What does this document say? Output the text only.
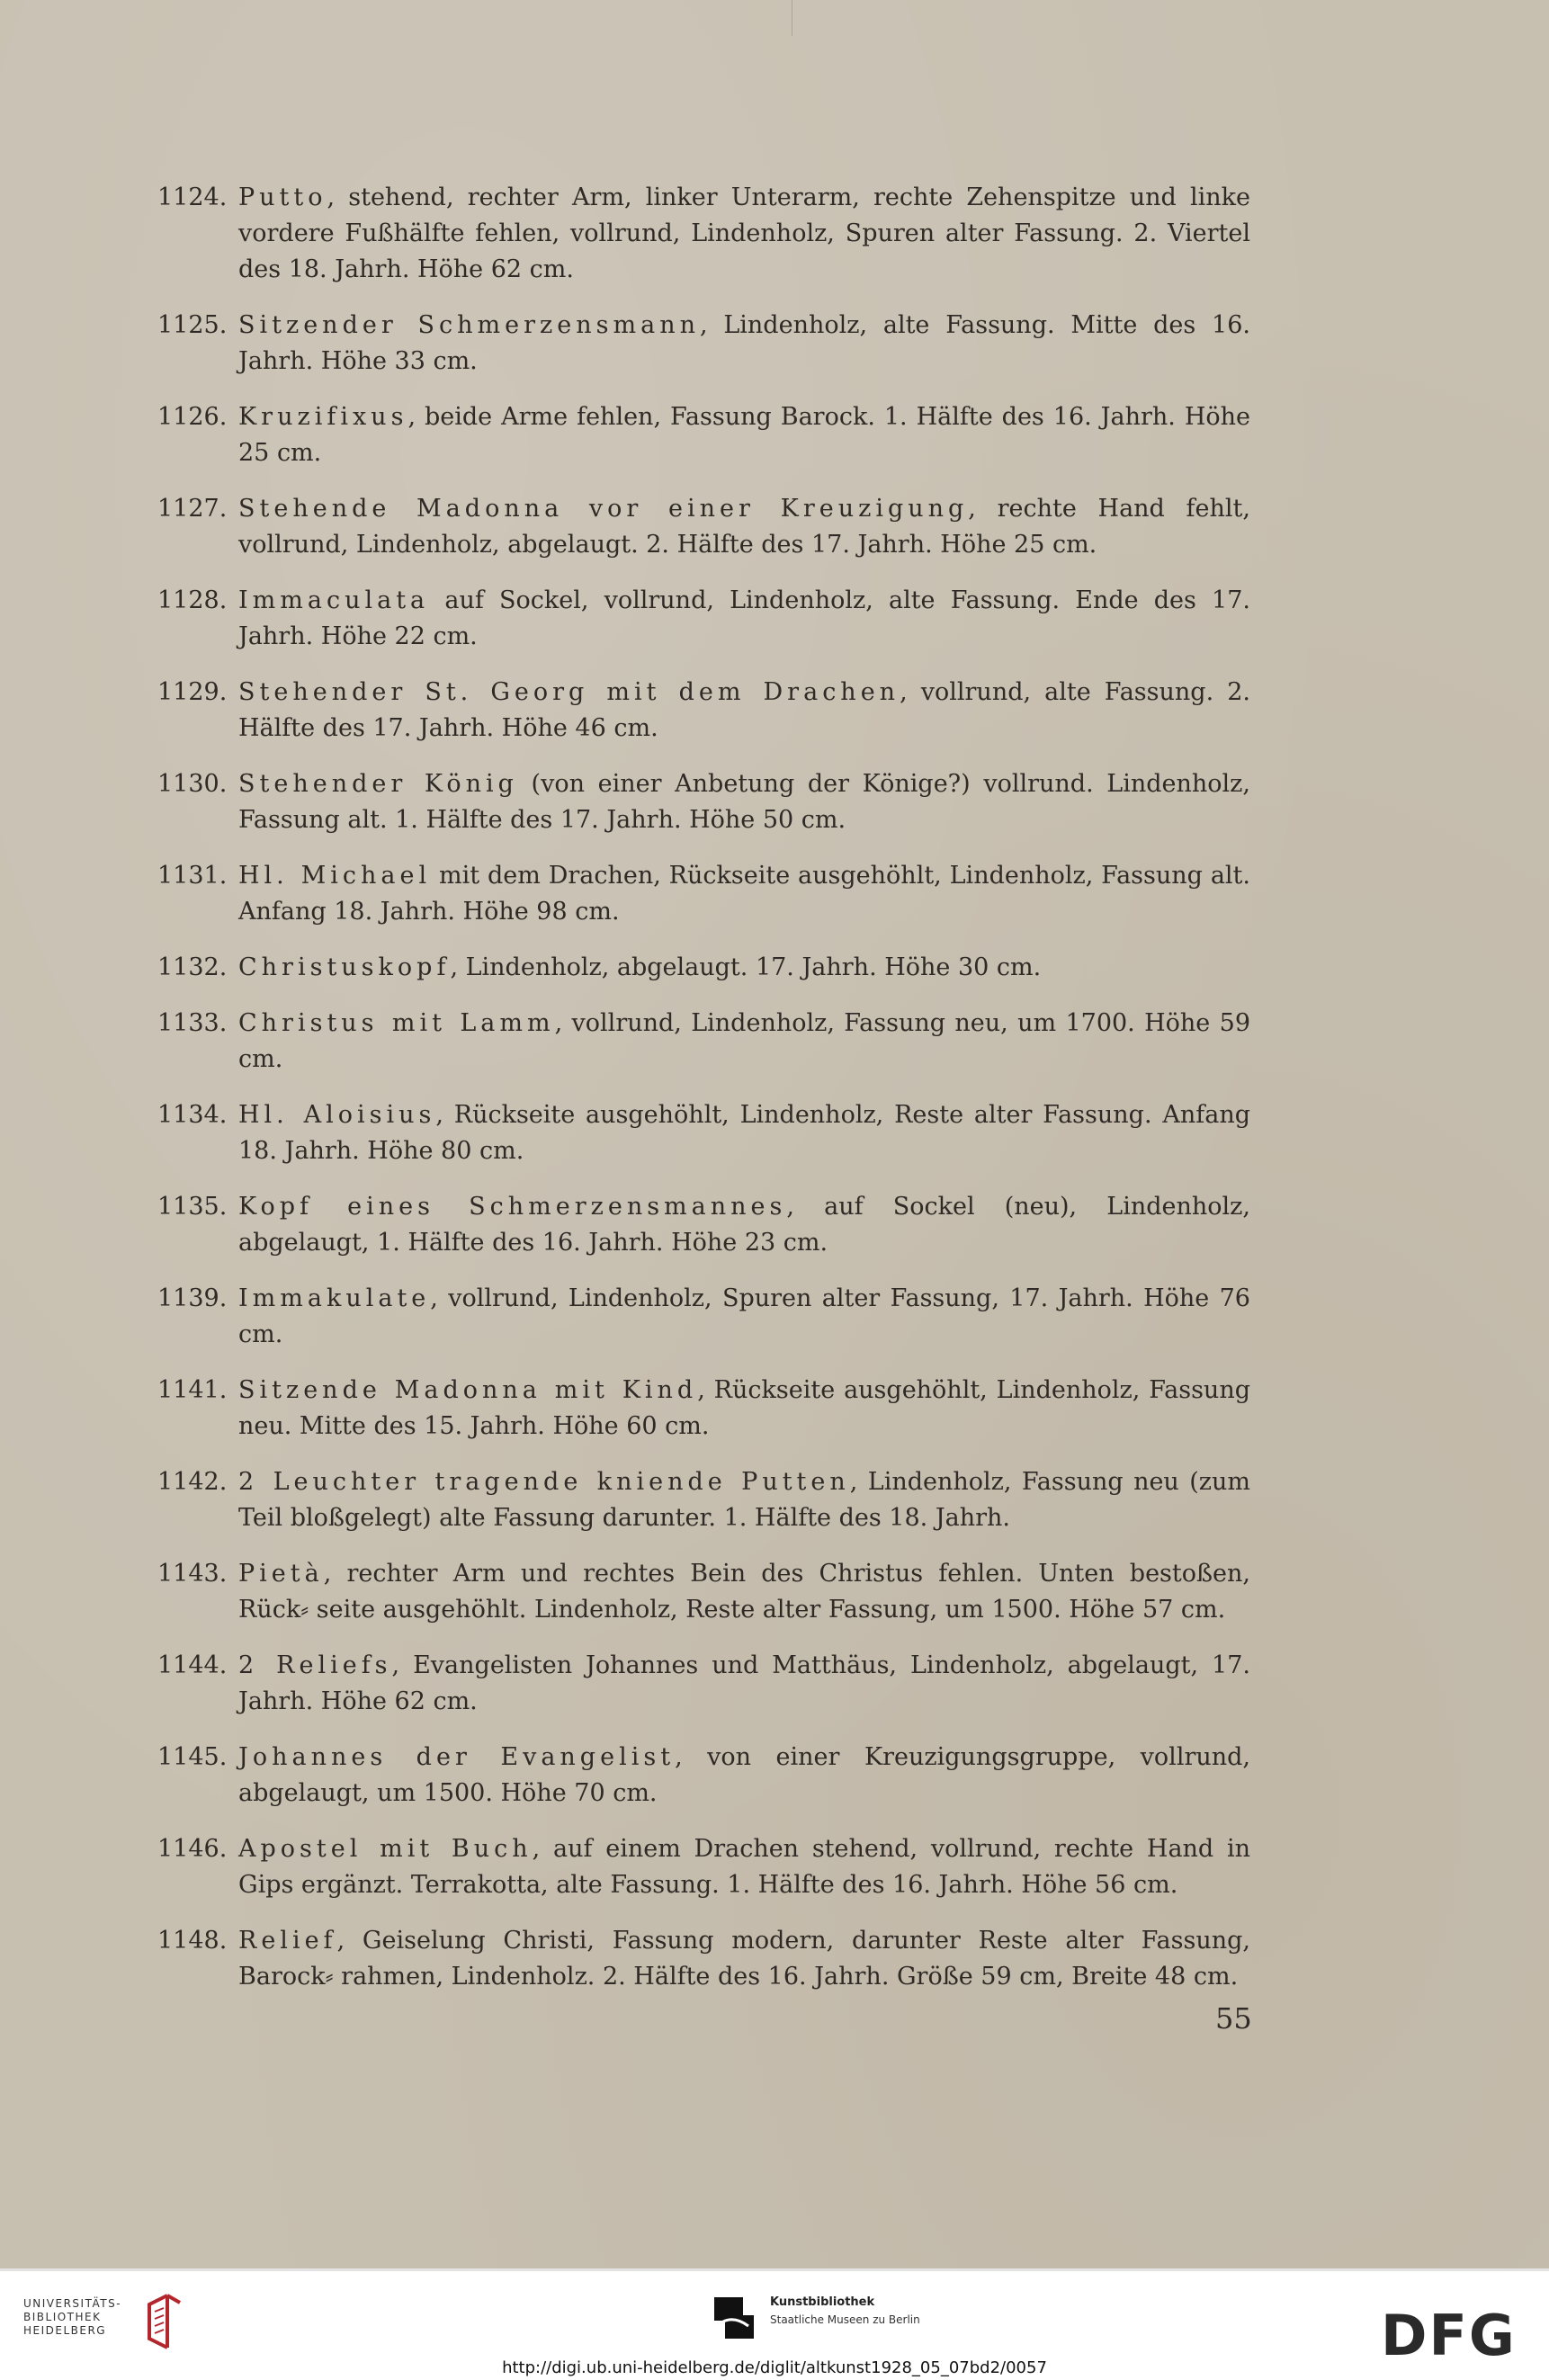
1124. Putto, stehend, rechter Arm, linker Unterarm, rechte Zehenspitze und linke vordere Fußhälfte fehlen, vollrund, Lindenholz, Spuren alter Fassung. 2. Viertel des 18. Jahrh. Höhe 62 cm.
1125. Sitzender Schmerzensmann, Lindenholz, alte Fassung. Mitte des 16. Jahrh. Höhe 33 cm.
1126. Kruzifixus, beide Arme fehlen, Fassung Barock. 1. Hälfte des 16. Jahrh. Höhe 25 cm.
1127. Stehende Madonna vor einer Kreuzigung, rechte Hand fehlt, vollrund, Lindenholz, abgelaugt. 2. Hälfte des 17. Jahrh. Höhe 25 cm.
1128. Immaculata auf Sockel, vollrund, Lindenholz, alte Fassung. Ende des 17. Jahrh. Höhe 22 cm.
1129. Stehender St. Georg mit dem Drachen, vollrund, alte Fassung. 2. Hälfte des 17. Jahrh. Höhe 46 cm.
1130. Stehender König (von einer Anbetung der Könige?) vollrund. Lindenholz, Fassung alt. 1. Hälfte des 17. Jahrh. Höhe 50 cm.
1131. Hl. Michael mit dem Drachen, Rückseite ausgehöhlt, Lindenholz, Fassung alt. Anfang 18. Jahrh. Höhe 98 cm.
1132. Christuskopf, Lindenholz, abgelaugt. 17. Jahrh. Höhe 30 cm.
1133. Christus mit Lamm, vollrund, Lindenholz, Fassung neu, um 1700. Höhe 59 cm.
1134. Hl. Aloisius, Rückseite ausgehöhlt, Lindenholz, Reste alter Fassung. Anfang 18. Jahrh. Höhe 80 cm.
1135. Kopf eines Schmerzensmannes, auf Sockel (neu), Lindenholz, abgelaugt, 1. Hälfte des 16. Jahrh. Höhe 23 cm.
1139. Immakulate, vollrund, Lindenholz, Spuren alter Fassung, 17. Jahrh. Höhe 76 cm.
1141. Sitzende Madonna mit Kind, Rückseite ausgehöhlt, Lindenholz, Fassung neu. Mitte des 15. Jahrh. Höhe 60 cm.
1142. 2 Leuchter tragende kniende Putten, Lindenholz, Fassung neu (zum Teil bloßgelegt) alte Fassung darunter. 1. Hälfte des 18. Jahrh.
1143. Pietà, rechter Arm und rechtes Bein des Christus fehlen. Unten bestoßen, Rück⸗ seite ausgehöhlt. Lindenholz, Reste alter Fassung, um 1500. Höhe 57 cm.
1144. 2 Reliefs, Evangelisten Johannes und Matthäus, Lindenholz, abgelaugt, 17. Jahrh. Höhe 62 cm.
1145. Johannes der Evangelist, von einer Kreuzigungsgruppe, vollrund, abgelaugt, um 1500. Höhe 70 cm.
1146. Apostel mit Buch, auf einem Drachen stehend, vollrund, rechte Hand in Gips ergänzt. Terrakotta, alte Fassung. 1. Hälfte des 16. Jahrh. Höhe 56 cm.
1148. Relief, Geiselung Christi, Fassung modern, darunter Reste alter Fassung, Barock⸗ rahmen, Lindenholz. 2. Hälfte des 16. Jahrh. Größe 59 cm, Breite 48 cm.
55
UNIVERSITÄTS-
BIBLIOTHEK
HEIDELBERG
Kunstbibliothek
Staatliche Museen zu Berlin	DFG
http://digi.ub.uni-heidelberg.de/diglit/altkunst1928_05_07bd2/0057
